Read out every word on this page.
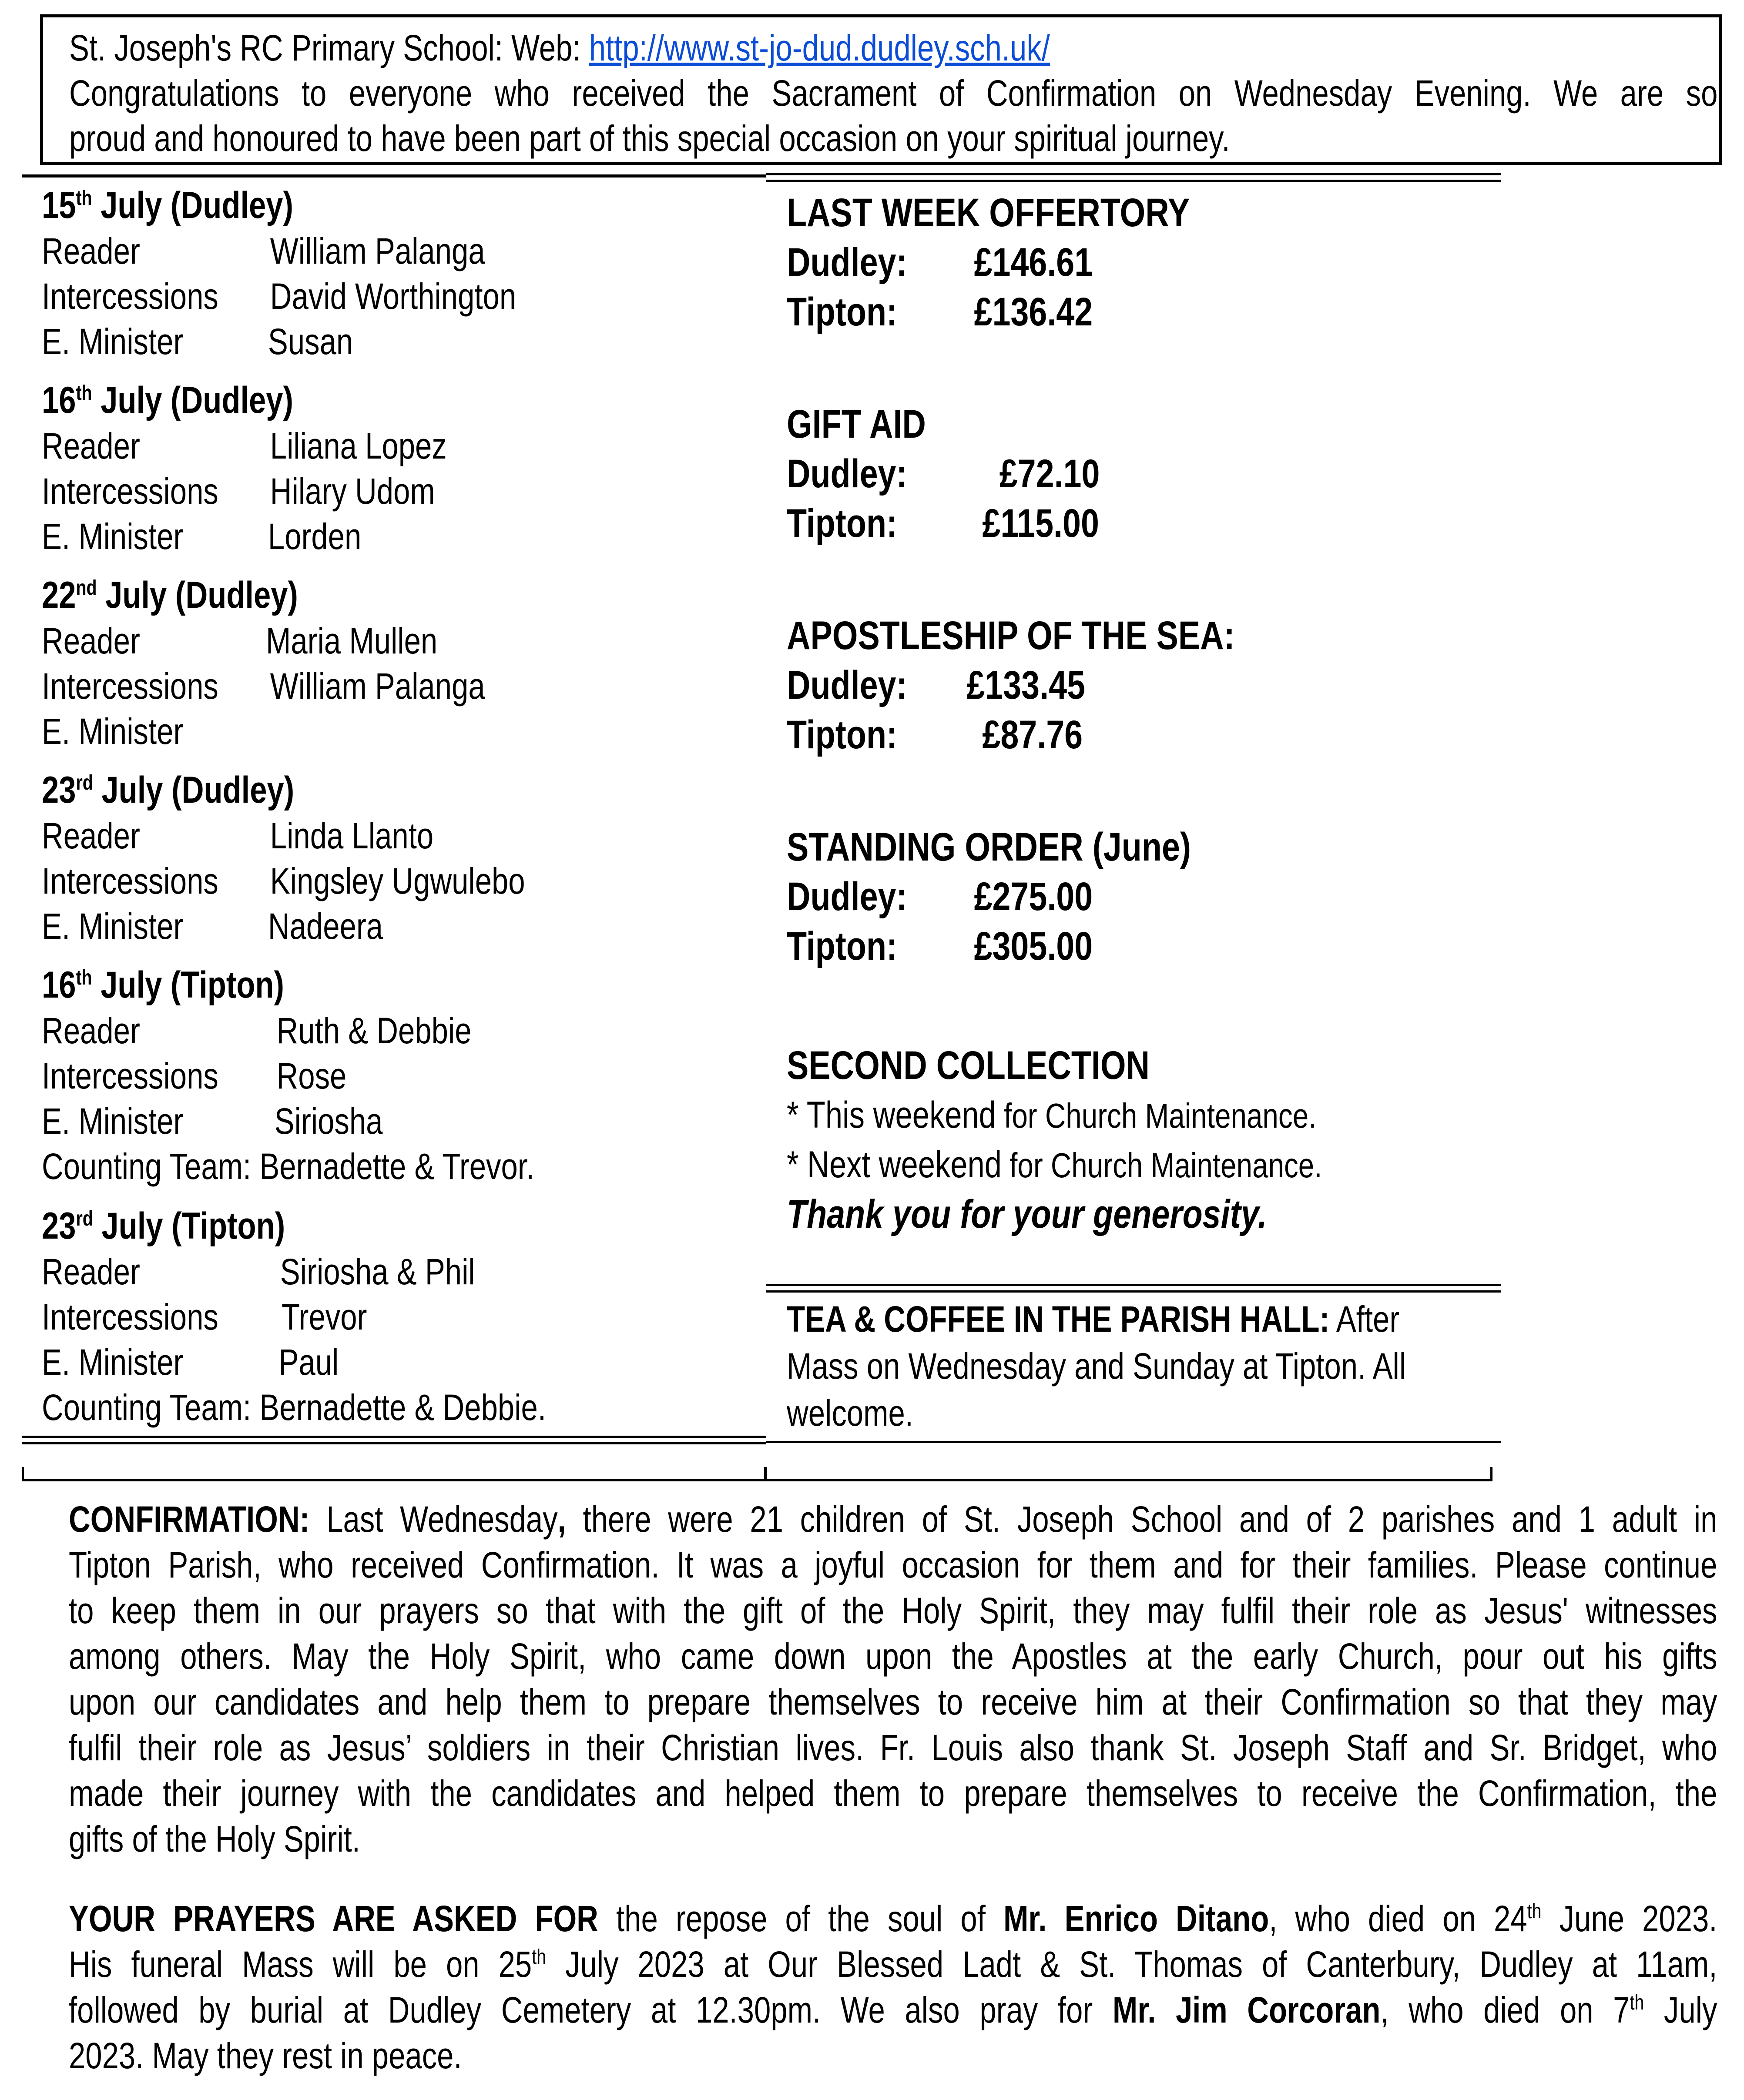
St. Joseph's RC Primary School: Web: http://www.st-jo-dud.dudley.sch.uk/
Congratulations to everyone who received the Sacrament of Confirmation on Wednesday Evening. We are so
proud and honoured to have been part of this special occasion on your spiritual journey.
15th July (Dudley)
Reader	William Palanga
Intercessions David Worthington
E. Minister Susan
16th July (Dudley)
Reader	Liliana Lopez
Intercessions Hilary Udom
E. Minister Lorden
22nd July (Dudley)
Reader	Maria Mullen
Intercessions William Palanga
E. Minister
23rd July (Dudley)
Reader	Linda Llanto
Intercessions Kingsley Ugwulebo
E. Minister Nadeera
16th July (Tipton)
Reader	Ruth & Debbie
Intercessions Rose
E. Minister Siriosha
Counting Team: Bernadette & Trevor.
23rd July (Tipton)
Reader	Siriosha & Phil
Intercessions Trevor
E. Minister	Paul
Counting Team: Bernadette & Debbie.
LAST WEEK OFFERTORY
Dudley: £146.61
Tipton: £136.42
GIFT AID
Dudley: £72.10
Tipton: £115.00
APOSTLESHIP OF THE SEA:
Dudley: £133.45
Tipton: £87.76
STANDING ORDER (June)
Dudley: £275.00
Tipton: £305.00
SECOND COLLECTION
* This weekend for Church Maintenance.
* Next weekend for Church Maintenance.
Thank you for your generosity.
TEA & COFFEE IN THE PARISH HALL: After
Mass on Wednesday and Sunday at Tipton. All
welcome.
CONFIRMATION: Last Wednesday, there were 21 children of St. Joseph School and of 2 parishes and 1 adult in
Tipton Parish, who received Confirmation. It was a joyful occasion for them and for their families. Please continue
to keep them in our prayers so that with the gift of the Holy Spirit, they may fulfil their role as Jesus' witnesses
among others. May the Holy Spirit, who came down upon the Apostles at the early Church, pour out his gifts
upon our candidates and help them to prepare themselves to receive him at their Confirmation so that they may
fulfil their role as Jesus’ soldiers in their Christian lives. Fr. Louis also thank St. Joseph Staff and Sr. Bridget, who
made their journey with the candidates and helped them to prepare themselves to receive the Confirmation, the
gifts of the Holy Spirit.
YOUR PRAYERS ARE ASKED FOR the repose of the soul of Mr. Enrico Ditano, who died on 24th June 2023.
His funeral Mass will be on 25th July 2023 at Our Blessed Ladt & St. Thomas of Canterbury, Dudley at 11am,
followed by burial at Dudley Cemetery at 12.30pm. We also pray for Mr. Jim Corcoran, who died on 7th July
2023. May they rest in peace.
